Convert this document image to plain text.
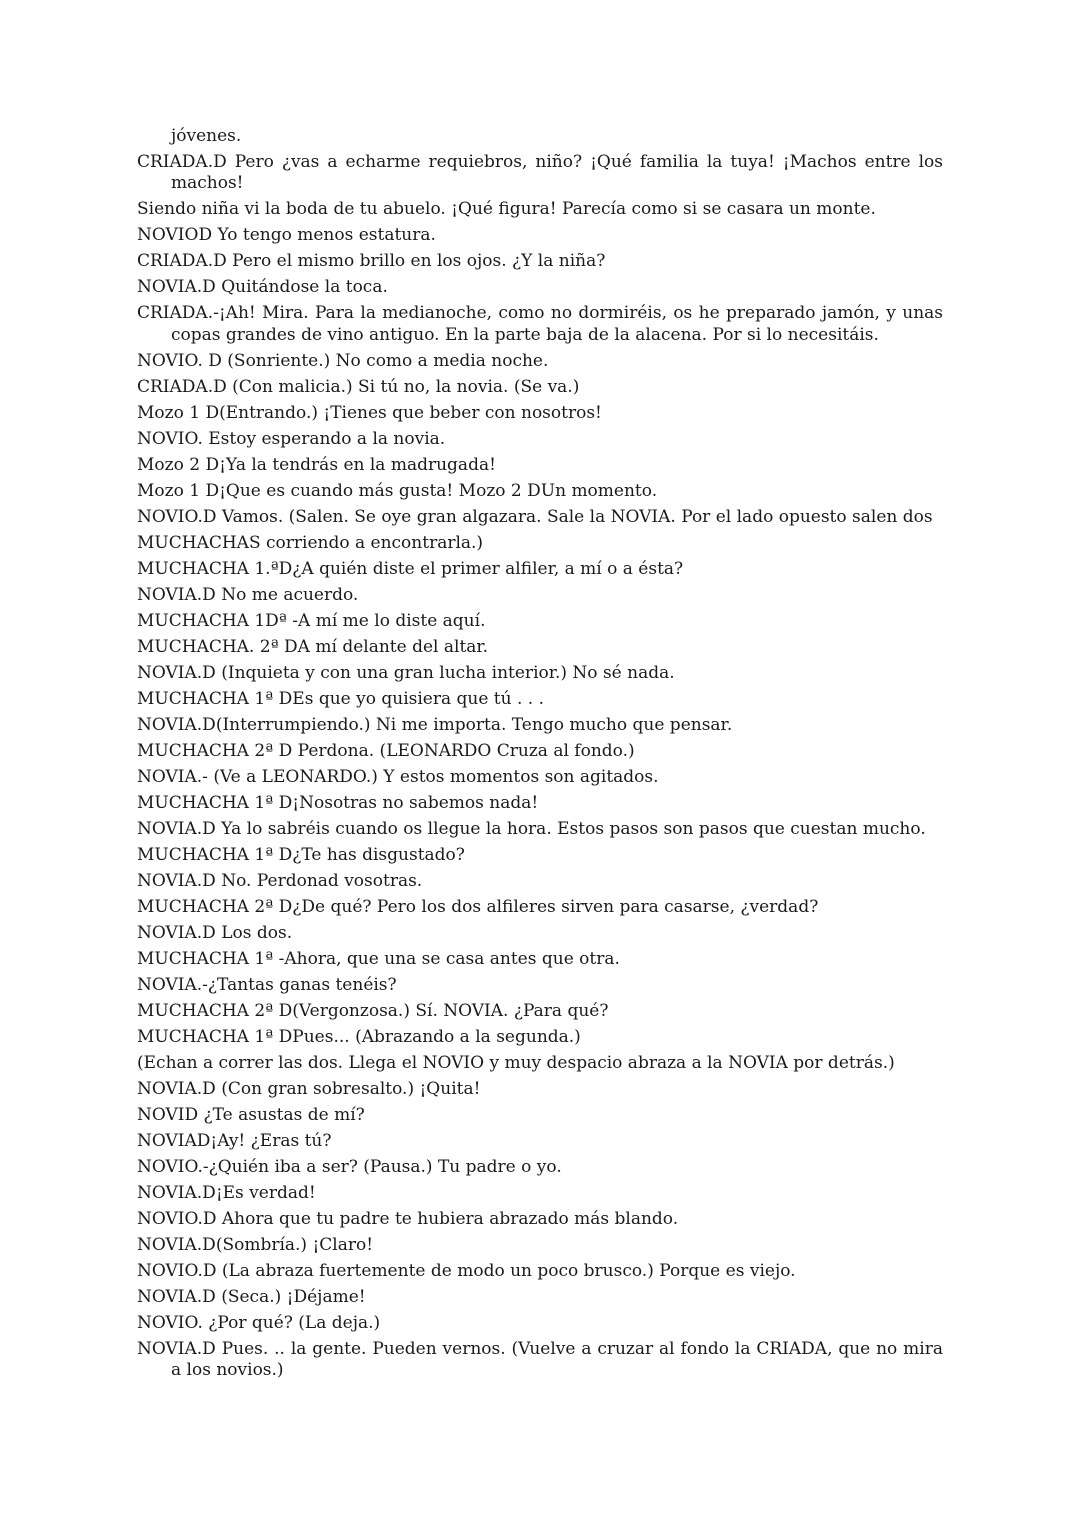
jóvenes.

CRIADA.D Pero ¿vas a echarme requiebros, niño? ¡Qué familia la tuya! ¡Machos entre los machos!

Siendo niña vi la boda de tu abuelo. ¡Qué figura! Parecía como si se casara un monte.

NOVIOD Yo tengo menos estatura.

CRIADA.D Pero el mismo brillo en los ojos. ¿Y la niña?

NOVIA.D Quitándose la toca.

CRIADA.-¡Ah! Mira. Para la medianoche, como no dormiréis, os he preparado jamón, y unas copas grandes de vino antiguo. En la parte baja de la alacena. Por si lo necesitáis.

NOVIO. D (Sonriente.) No como a media noche.

CRIADA.D (Con malicia.) Si tú no, la novia. (Se va.)

Mozo 1 D(Entrando.) ¡Tienes que beber con nosotros!

NOVIO. Estoy esperando a la novia.

Mozo 2 D¡Ya la tendrás en la madrugada!

Mozo 1 D¡Que es cuando más gusta! Mozo 2 DUn momento.

NOVIO.D Vamos. (Salen. Se oye gran algazara. Sale la NOVIA. Por el lado opuesto salen dos

MUCHACHAS corriendo a encontrarla.)

MUCHACHA 1.ªD¿A quién diste el primer alfiler, a mí o a ésta?

NOVIA.D No me acuerdo.

MUCHACHA 1Dª -A mí me lo diste aquí.

MUCHACHA. 2ª DA mí delante del altar.

NOVIA.D (Inquieta y con una gran lucha interior.) No sé nada.

MUCHACHA 1ª DEs que yo quisiera que tú . . .

NOVIA.D(Interrumpiendo.) Ni me importa. Tengo mucho que pensar.

MUCHACHA 2ª D Perdona. (LEONARDO Cruza al fondo.)

NOVIA.- (Ve a LEONARDO.) Y estos momentos son agitados.

MUCHACHA 1ª D¡Nosotras no sabemos nada!

NOVIA.D Ya lo sabréis cuando os llegue la hora. Estos pasos son pasos que cuestan mucho.

MUCHACHA 1ª D¿Te has disgustado?

NOVIA.D No. Perdonad vosotras.

MUCHACHA 2ª D¿De qué? Pero los dos alfileres sirven para casarse, ¿verdad?

NOVIA.D Los dos.

MUCHACHA 1ª -Ahora, que una se casa antes que otra.

NOVIA.-¿Tantas ganas tenéis?

MUCHACHA 2ª D(Vergonzosa.) Sí. NOVIA. ¿Para qué?

MUCHACHA 1ª DPues... (Abrazando a la segunda.)

(Echan a correr las dos. Llega el NOVIO y muy despacio abraza a la NOVIA por detrás.)

NOVIA.D (Con gran sobresalto.) ¡Quita!

NOVID ¿Te asustas de mí?

NOVIAD¡Ay! ¿Eras tú?

NOVIO.-¿Quién iba a ser? (Pausa.) Tu padre o yo.

NOVIA.D¡Es verdad!

NOVIO.D Ahora que tu padre te hubiera abrazado más blando.

NOVIA.D(Sombría.) ¡Claro!

NOVIO.D (La abraza fuertemente de modo un poco brusco.) Porque es viejo.

NOVIA.D (Seca.) ¡Déjame!

NOVIO. ¿Por qué? (La deja.)

NOVIA.D Pues. .. la gente. Pueden vernos. (Vuelve a cruzar al fondo la CRIADA, que no mira a los novios.)
